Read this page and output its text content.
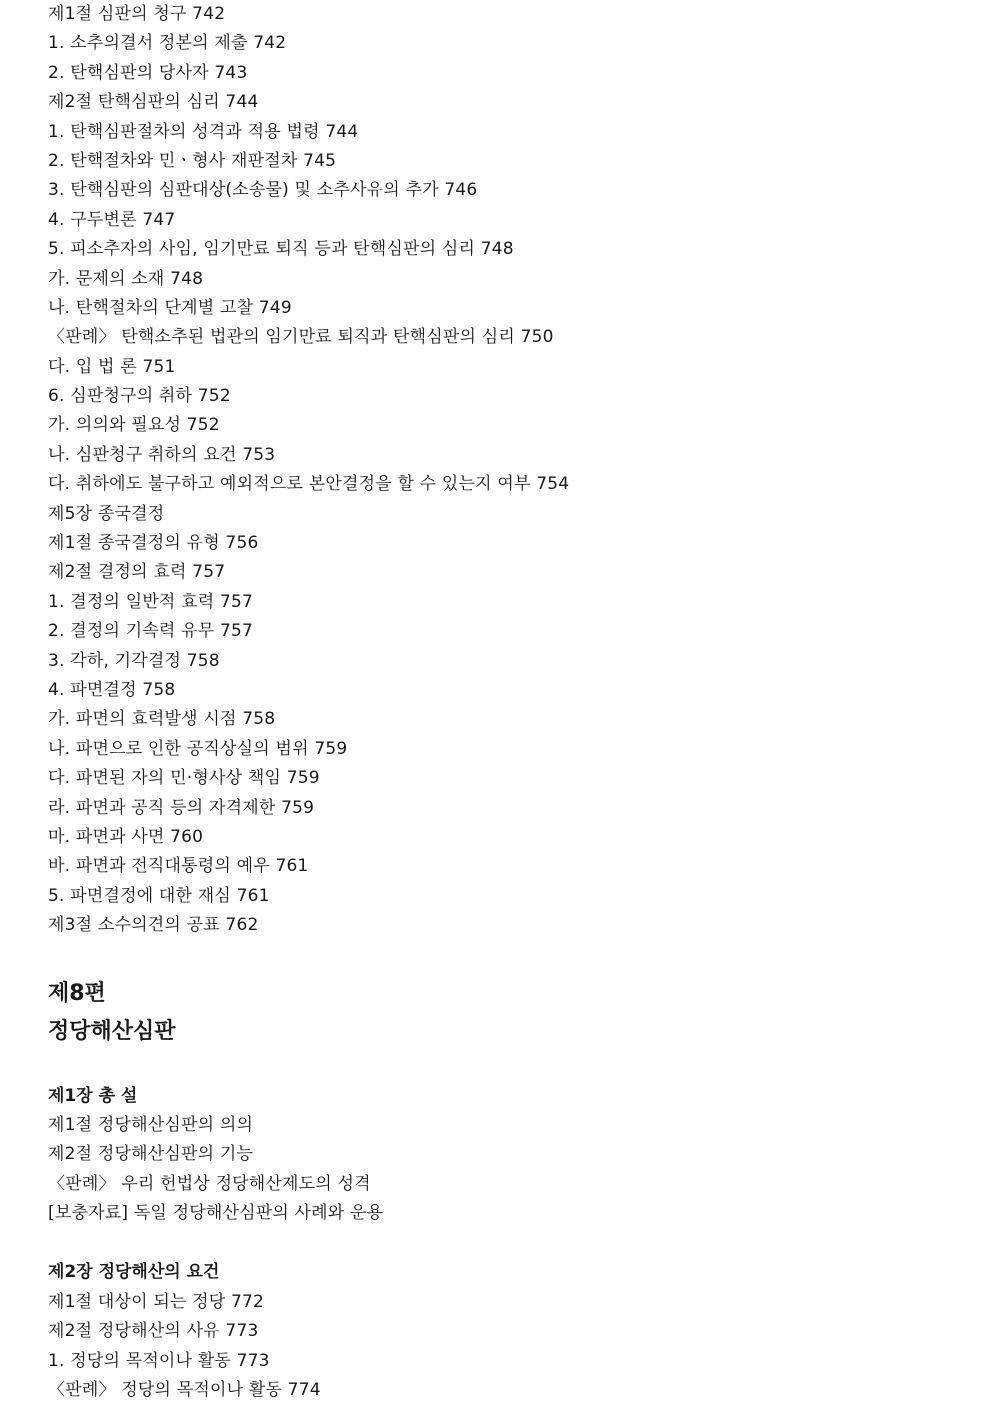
제1절 심판의 청구 742
1. 소추의결서 정본의 제출 742
2. 탄핵심판의 당사자 743
제2절 탄핵심판의 심리 744
1. 탄핵심판절차의 성격과 적용 법령 744
2. 탄핵절차와 민ㆍ형사 재판절차 745
3. 탄핵심판의 심판대상(소송물) 및 소추사유의 추가 746
4. 구두변론 747
5. 피소추자의 사임, 임기만료 퇴직 등과 탄핵심판의 심리 748
가. 문제의 소재 748
나. 탄핵절차의 단계별 고찰 749
〈판례〉 탄핵소추된 법관의 임기만료 퇴직과 탄핵심판의 심리 750
다. 입 법 론 751
6. 심판청구의 취하 752
가. 의의와 필요성 752
나. 심판청구 취하의 요건 753
다. 취하에도 불구하고 예외적으로 본안결정을 할 수 있는지 여부 754
제5장 종국결정
제1절 종국결정의 유형 756
제2절 결정의 효력 757
1. 결정의 일반적 효력 757
2. 결정의 기속력 유무 757
3. 각하, 기각결정 758
4. 파면결정 758
가. 파면의 효력발생 시점 758
나. 파면으로 인한 공직상실의 범위 759
다. 파면된 자의 민·형사상 책임 759
라. 파면과 공직 등의 자격제한 759
마. 파면과 사면 760
바. 파면과 전직대통령의 예우 761
5. 파면결정에 대한 재심 761
제3절 소수의견의 공표 762
제8편
정당해산심판
제1장 총 설
제1절 정당해산심판의 의의
제2절 정당해산심판의 기능
〈판례〉 우리 헌법상 정당해산제도의 성격
[보충자료] 독일 정당해산심판의 사례와 운용
제2장 정당해산의 요건
제1절 대상이 되는 정당 772
제2절 정당해산의 사유 773
1. 정당의 목적이나 활동 773
〈판례〉 정당의 목적이나 활동 774
